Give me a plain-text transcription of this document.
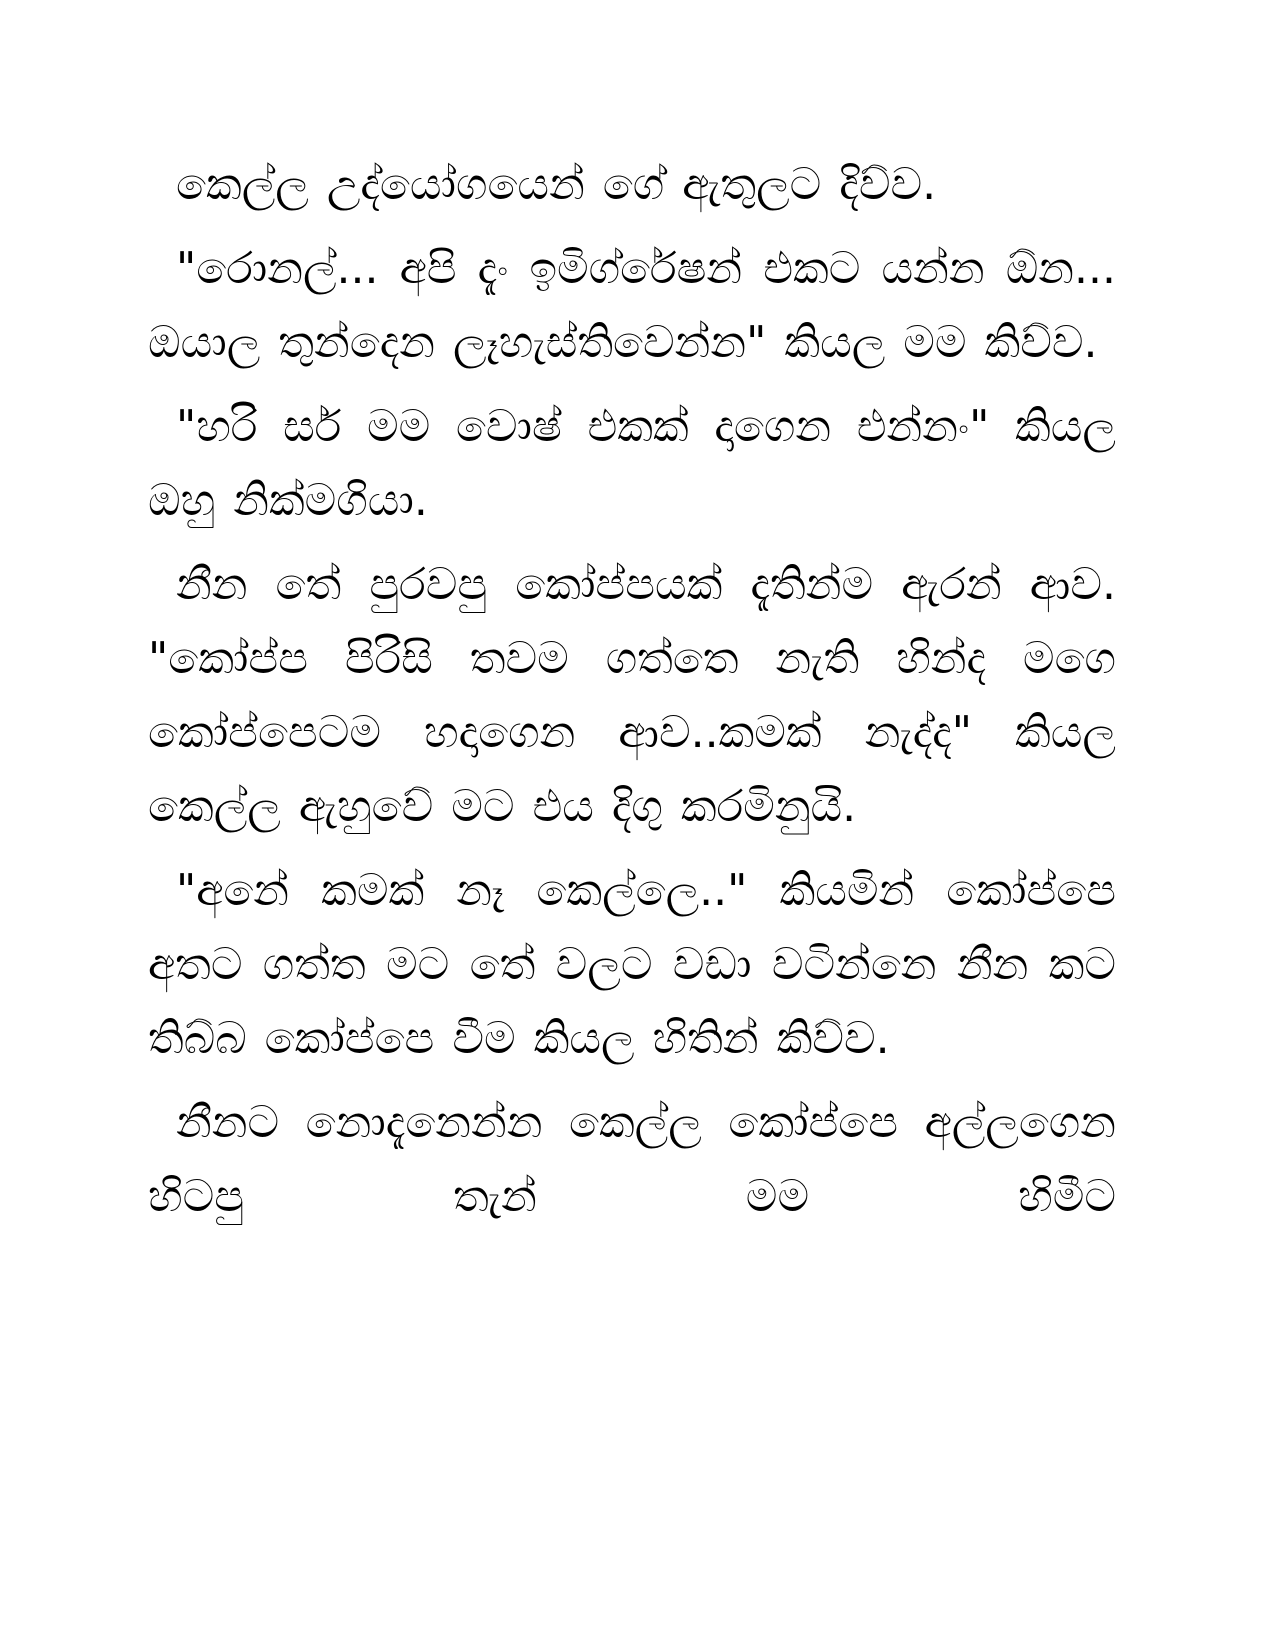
කෙල්ල උද්යෝගයෙන් ගේ ඇතුලට දිව්ව.

"රොනල්... අපි දැං ඉමිග්රේෂන් එකට යන්න ඕන... ඔයාල තුන්දෙන ලෑහැස්තිවෙන්න" කියල මම කිව්ව.

"හරි සර් මම වොෂ් එකක් දාගෙන එන්නං" කියල ඔහු නික්මගියා.

නීන තේ පුරවපු කෝප්පයක් දැතින්ම ඇරන් ආව. "කෝප්ප පිරිසි තවම ගත්තෙ නැති හින්ද මගෙ කෝප්පෙටම හදාගෙන ආව..කමක් නැද්ද" කියල කෙල්ල ඇහුවේ මට එය දිගු කරමිනුයි.

"අනේ කමක් නෑ කෙල්ලෙ.." කියමින් කෝප්පෙ අතට ගත්ත මට තේ වලට වඩා වටින්නෙ නීන කට තිබ්බ කෝප්පෙ වීම කියල හිතින් කිව්ව.

නීනට නොදැනෙන්න කෙල්ල කෝප්පෙ අල්ලගෙන හිටපු තැන් මම හිමීට
